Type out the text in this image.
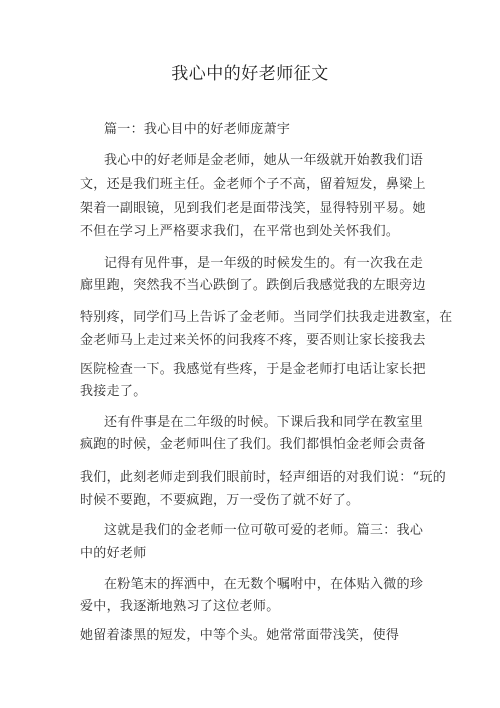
我心中的好老师征文
篇一：我心目中的好老师庞萧宇
我心中的好老师是金老师，她从一年级就开始教我们语
文，还是我们班主任。金老师个子不高，留着短发，鼻梁上
架着一副眼镜，见到我们老是面带浅笑，显得特别平易。她
不但在学习上严格要求我们，在平常也到处关怀我们。
记得有见件事，是一年级的时候发生的。有一次我在走
廊里跑，突然我不当心跌倒了。跌倒后我感觉我的左眼旁边
特别疼，同学们马上告诉了金老师。当同学们扶我走进教室，在
金老师马上走过来关怀的问我疼不疼，要否则让家长接我去
医院检查一下。我感觉有些疼，于是金老师打电话让家长把
我接走了。
还有件事是在二年级的时候。下课后我和同学在教室里
疯跑的时候，金老师叫住了我们。我们都惧怕金老师会责备
我们，此刻老师走到我们眼前时，轻声细语的对我们说：“玩的
时候不要跑，不要疯跑，万一受伤了就不好了。
这就是我们的金老师一位可敬可爱的老师。篇三：我心
中的好老师
在粉笔末的挥洒中，在无数个嘱咐中，在体贴入微的珍
爱中，我逐渐地熟习了这位老师。
她留着漆黑的短发，中等个头。她常常面带浅笑，使得
